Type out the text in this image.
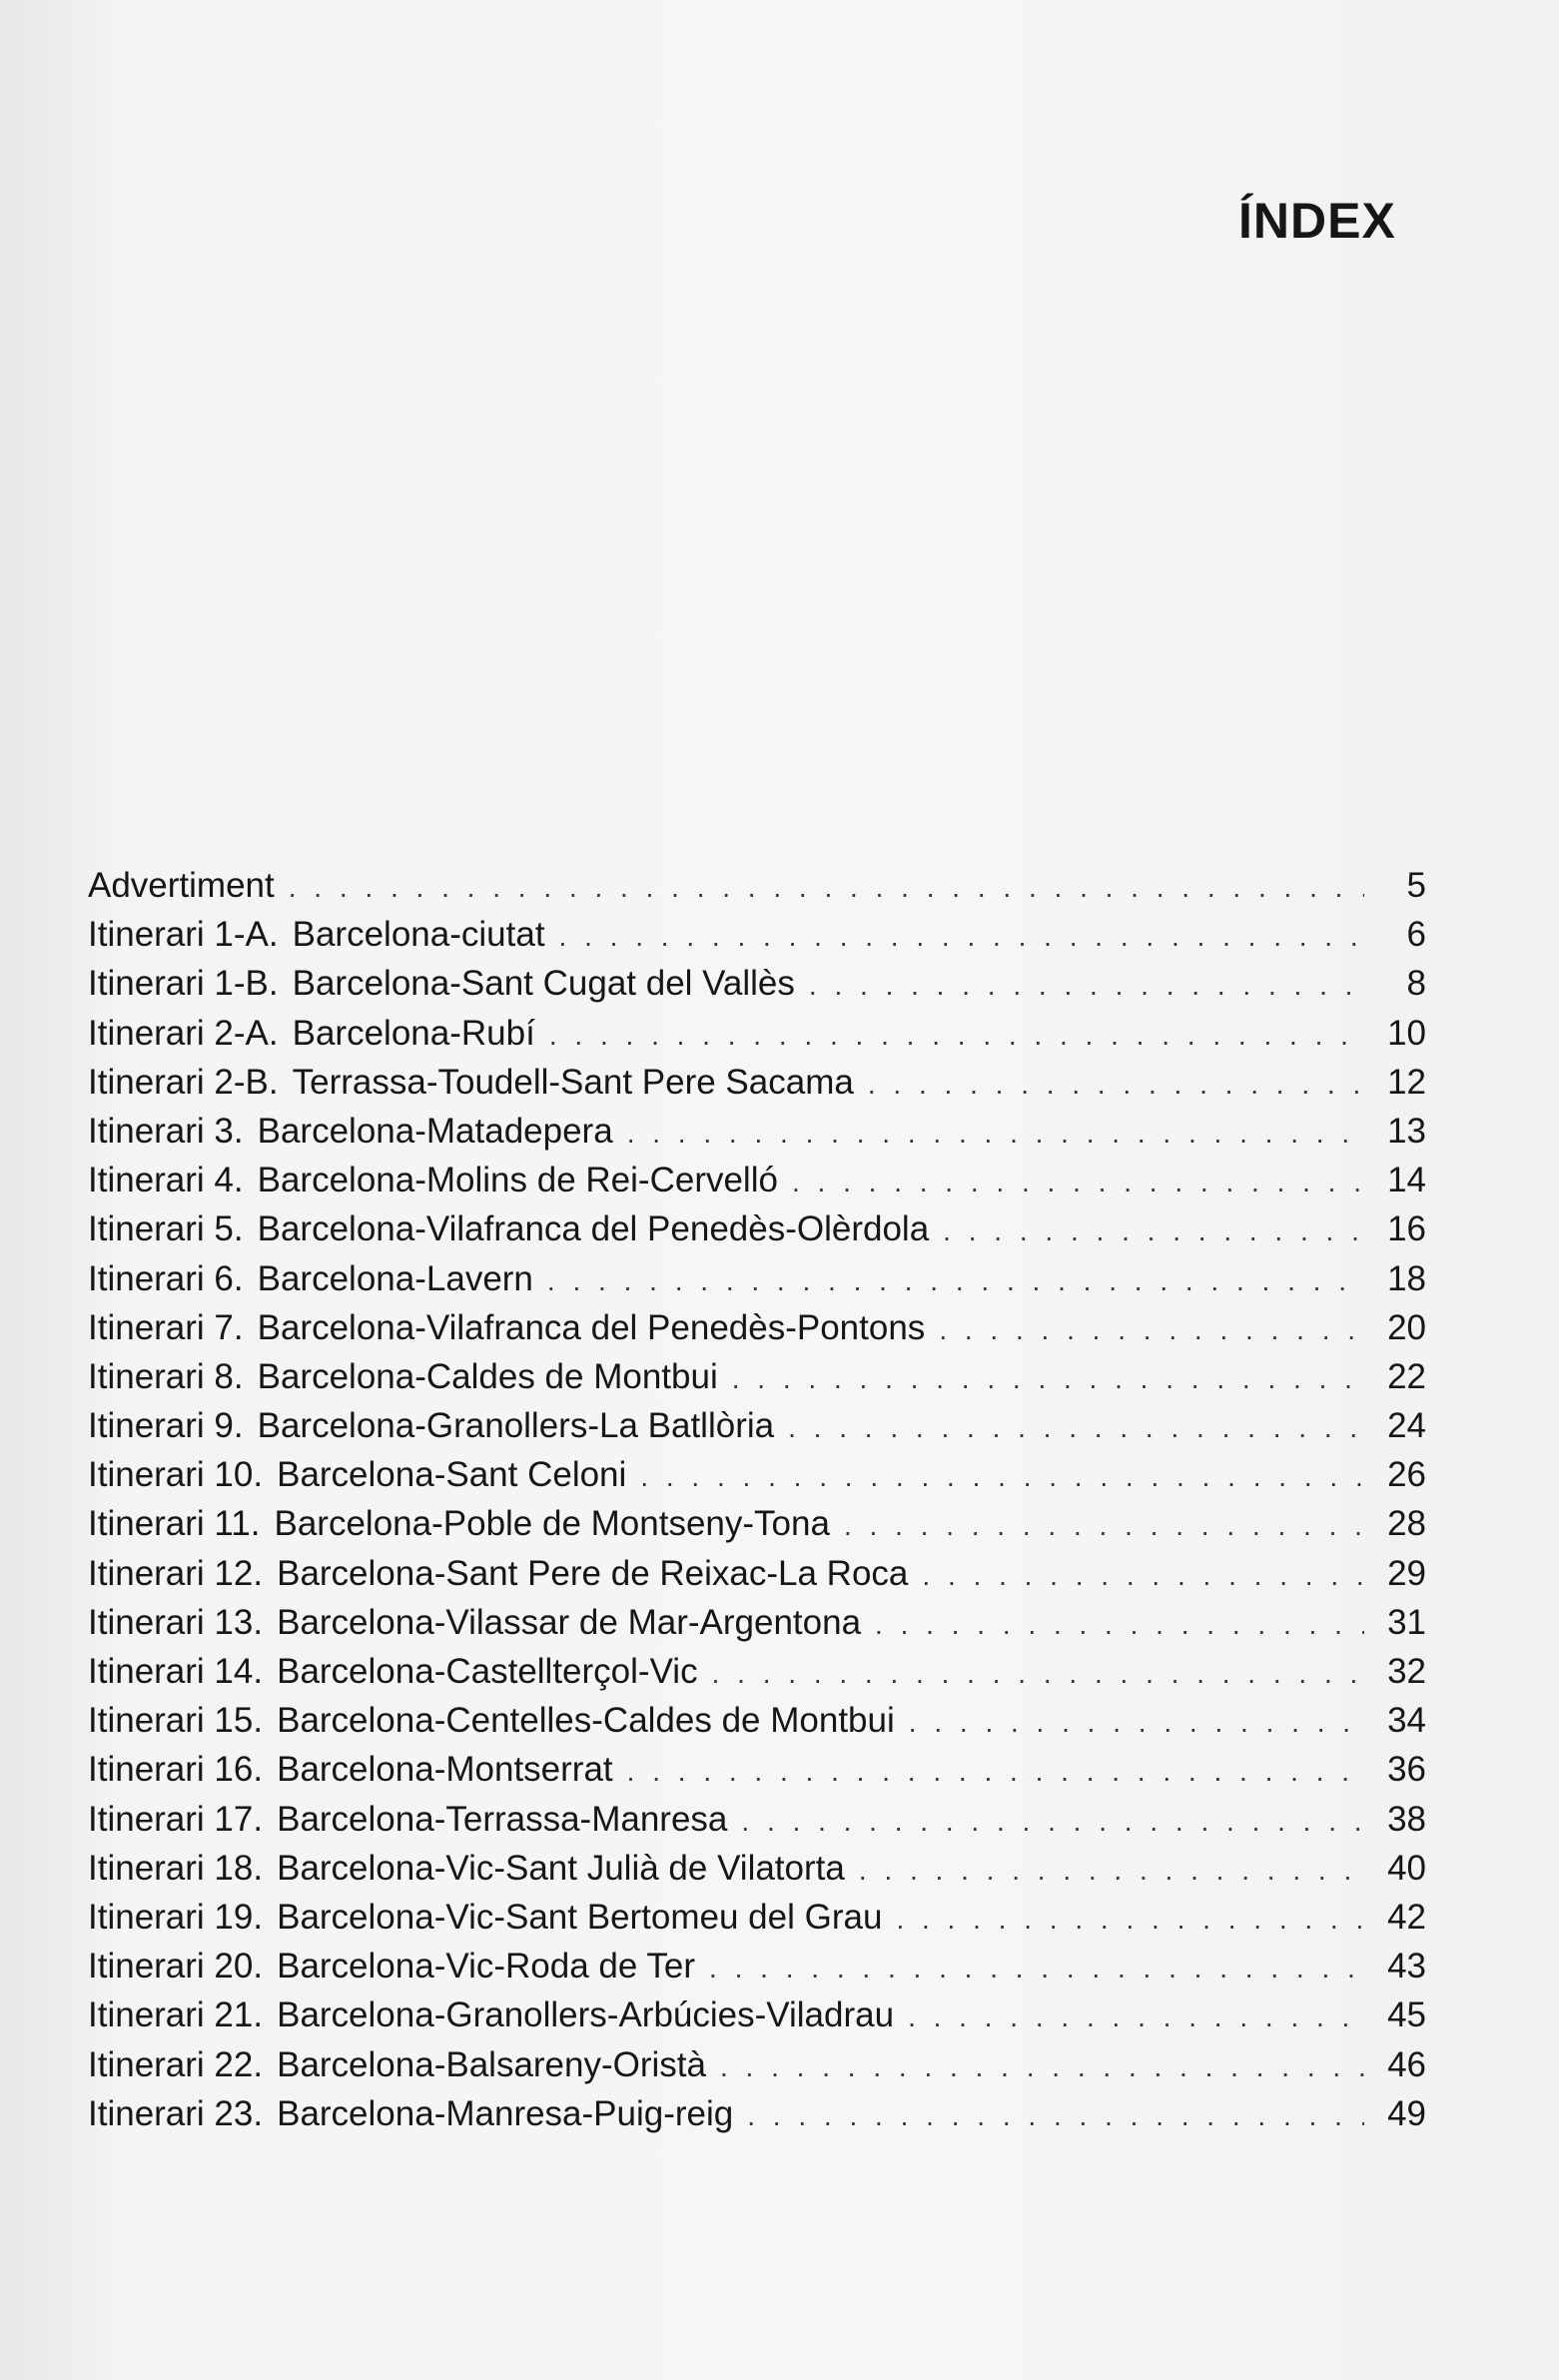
ÍNDEX
Advertiment . . .	5
Itinerari 1-A. Barcelona-ciutat . . .	6
Itinerari 1-B. Barcelona-Sant Cugat del Vallès . . .	8
Itinerari 2-A. Barcelona-Rubí . . .	10
Itinerari 2-B. Terrassa-Toudell-Sant Pere Sacama . . .	12
Itinerari 3. Barcelona-Matadepera . . .	13
Itinerari 4. Barcelona-Molins de Rei-Cervelló . . .	14
Itinerari 5. Barcelona-Vilafranca del Penedès-Olèrdola . . .	16
Itinerari 6. Barcelona-Lavern . . .	18
Itinerari 7. Barcelona-Vilafranca del Penedès-Pontons . . .	20
Itinerari 8. Barcelona-Caldes de Montbui . . .	22
Itinerari 9. Barcelona-Granollers-La Batllòria . . .	24
Itinerari 10. Barcelona-Sant Celoni . . .	26
Itinerari 11. Barcelona-Poble de Montseny-Tona . . .	28
Itinerari 12. Barcelona-Sant Pere de Reixac-La Roca . . .	29
Itinerari 13. Barcelona-Vilassar de Mar-Argentona . . .	31
Itinerari 14. Barcelona-Castellterçol-Vic . . .	32
Itinerari 15. Barcelona-Centelles-Caldes de Montbui . . .	34
Itinerari 16. Barcelona-Montserrat . . .	36
Itinerari 17. Barcelona-Terrassa-Manresa . . .	38
Itinerari 18. Barcelona-Vic-Sant Julià de Vilatorta . . .	40
Itinerari 19. Barcelona-Vic-Sant Bertomeu del Grau . . .	42
Itinerari 20. Barcelona-Vic-Roda de Ter . . .	43
Itinerari 21. Barcelona-Granollers-Arbúcies-Viladrau . . .	45
Itinerari 22. Barcelona-Balsareny-Oristà . . .	46
Itinerari 23. Barcelona-Manresa-Puig-reig . . .	49
